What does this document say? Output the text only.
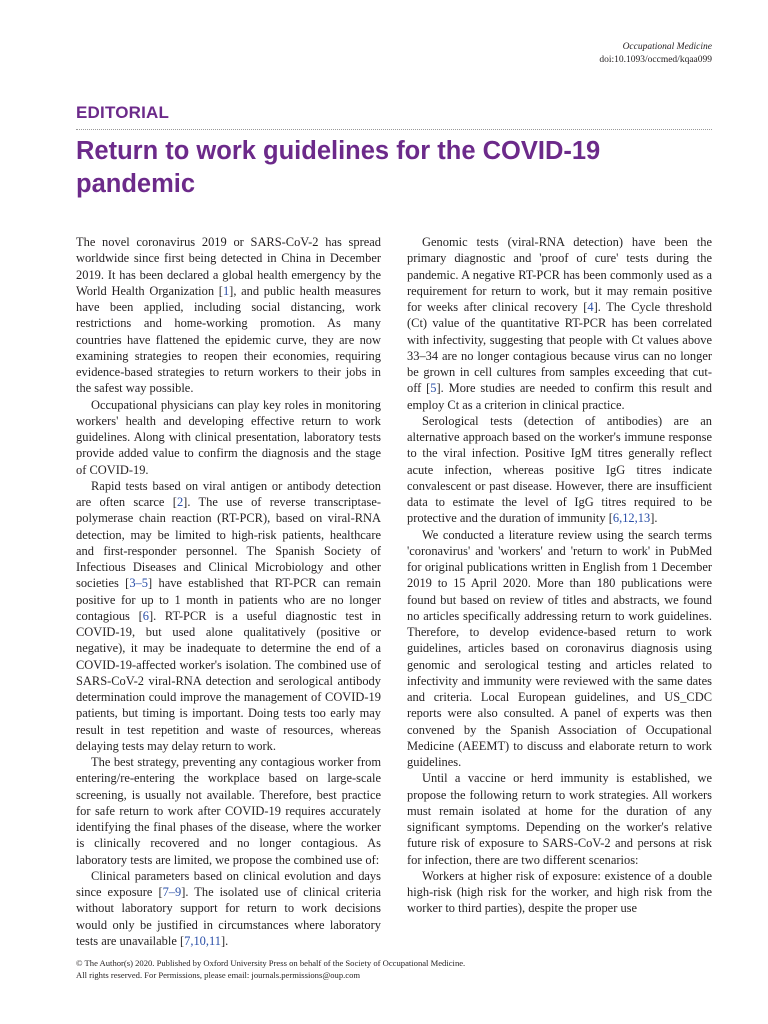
Occupational Medicine
doi:10.1093/occmed/kqaa099
EDITORIAL
Return to work guidelines for the COVID-19 pandemic

The novel coronavirus 2019 or SARS-CoV-2 has spread worldwide since first being detected in China in December 2019. It has been declared a global health emergency by the World Health Organization [1], and public health measures have been applied, including social distancing, work restrictions and home-working promotion. As many countries have flattened the epidemic curve, they are now examining strategies to reopen their economies, requiring evidence-based strategies to return workers to their jobs in the safest way possible.

Occupational physicians can play key roles in monitoring workers' health and developing effective return to work guidelines. Along with clinical presentation, laboratory tests provide added value to confirm the diagnosis and the stage of COVID-19.

Rapid tests based on viral antigen or antibody detection are often scarce [2]. The use of reverse transcriptase-polymerase chain reaction (RT-PCR), based on viral-RNA detection, may be limited to high-risk patients, healthcare and first-responder personnel. The Spanish Society of Infectious Diseases and Clinical Microbiology and other societies [3–5] have established that RT-PCR can remain positive for up to 1 month in patients who are no longer contagious [6]. RT-PCR is a useful diagnostic test in COVID-19, but used alone qualitatively (positive or negative), it may be inadequate to determine the end of a COVID-19-affected worker's isolation. The combined use of SARS-CoV-2 viral-RNA detection and serological antibody determination could improve the management of COVID-19 patients, but timing is important. Doing tests too early may result in test repetition and waste of resources, whereas delaying tests may delay return to work.

The best strategy, preventing any contagious worker from entering/re-entering the workplace based on large-scale screening, is usually not available. Therefore, best practice for safe return to work after COVID-19 requires accurately identifying the final phases of the disease, where the worker is clinically recovered and no longer contagious. As laboratory tests are limited, we propose the combined use of:

Clinical parameters based on clinical evolution and days since exposure [7–9]. The isolated use of clinical criteria without laboratory support for return to work decisions would only be justified in circumstances where laboratory tests are unavailable [7,10,11].

Genomic tests (viral-RNA detection) have been the primary diagnostic and 'proof of cure' tests during the pandemic. A negative RT-PCR has been commonly used as a requirement for return to work, but it may remain positive for weeks after clinical recovery [4]. The Cycle threshold (Ct) value of the quantitative RT-PCR has been correlated with infectivity, suggesting that people with Ct values above 33–34 are no longer contagious because virus can no longer be grown in cell cultures from samples exceeding that cut-off [5]. More studies are needed to confirm this result and employ Ct as a criterion in clinical practice.

Serological tests (detection of antibodies) are an alternative approach based on the worker's immune response to the viral infection. Positive IgM titres generally reflect acute infection, whereas positive IgG titres indicate convalescent or past disease. However, there are insufficient data to estimate the level of IgG titres required to be protective and the duration of immunity [6,12,13].

We conducted a literature review using the search terms 'coronavirus' and 'workers' and 'return to work' in PubMed for original publications written in English from 1 December 2019 to 15 April 2020. More than 180 publications were found but based on review of titles and abstracts, we found no articles specifically addressing return to work guidelines. Therefore, to develop evidence-based return to work guidelines, articles based on coronavirus diagnosis using genomic and serological testing and articles related to infectivity and immunity were reviewed with the same dates and criteria. Local European guidelines, and US_CDC reports were also consulted. A panel of experts was then convened by the Spanish Association of Occupational Medicine (AEEMT) to discuss and elaborate return to work guidelines.

Until a vaccine or herd immunity is established, we propose the following return to work strategies. All workers must remain isolated at home for the duration of any significant symptoms. Depending on the worker's relative future risk of exposure to SARS-CoV-2 and persons at risk for infection, there are two different scenarios:

Workers at higher risk of exposure: existence of a double high-risk (high risk for the worker, and high risk from the worker to third parties), despite the proper use

© The Author(s) 2020. Published by Oxford University Press on behalf of the Society of Occupational Medicine.
All rights reserved. For Permissions, please email: journals.permissions@oup.com
